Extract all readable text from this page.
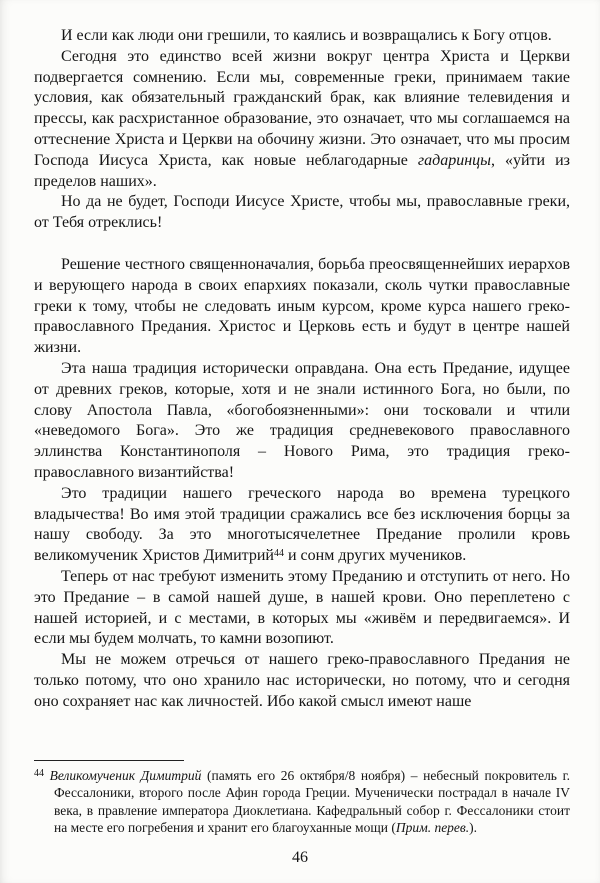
И если как люди они грешили, то каялись и возвращались к Богу отцов.

Сегодня это единство всей жизни вокруг центра Христа и Церкви подвергается сомнению. Если мы, современные греки, принимаем такие условия, как обязательный гражданский брак, как влияние телевидения и прессы, как расхристанное образование, это означает, что мы соглашаемся на оттеснение Христа и Церкви на обочину жизни. Это означает, что мы просим Господа Иисуса Христа, как новые неблагодарные гадаринцы, «уйти из пределов наших».

Но да не будет, Господи Иисусе Христе, чтобы мы, православные греки, от Тебя отреклись!

Решение честного священноначалия, борьба преосвященнейших иерархов и верующего народа в своих епархиях показали, сколь чутки православные греки к тому, чтобы не следовать иным курсом, кроме курса нашего греко-православного Предания. Христос и Церковь есть и будут в центре нашей жизни.

Эта наша традиция исторически оправдана. Она есть Предание, идущее от древних греков, которые, хотя и не знали истинного Бога, но были, по слову Апостола Павла, «богобоязненными»: они тосковали и чтили «неведомого Бога». Это же традиция средневекового православного эллинства Константинополя – Нового Рима, это традиция греко-православного византийства!

Это традиции нашего греческого народа во времена турецкого владычества! Во имя этой традиции сражались все без исключения борцы за нашу свободу. За это многотысячелетнее Предание пролили кровь великомученик Христов Димитрий$^{44}$ и сонм других мучеников.

Теперь от нас требуют изменить этому Преданию и отступить от него. Но это Предание – в самой нашей душе, в нашей крови. Оно переплетено с нашей историей, и с местами, в которых мы «живём и передвигаемся». И если мы будем молчать, то камни возопиют.

Мы не можем отречься от нашего греко-православного Предания не только потому, что оно хранило нас исторически, но потому, что и сегодня оно сохраняет нас как личностей. Ибо какой смысл имеют наше

$^{44}$ Великомученик Димитрий (память его 26 октября/8 ноября) – небесный покровитель г. Фессалоники, второго после Афин города Греции. Мученически пострадал в начале IV века, в правление императора Диоклетиана. Кафедральный собор г. Фессалоники стоит на месте его погребения и хранит его благоуханные мощи (Прим. перев.).

46
